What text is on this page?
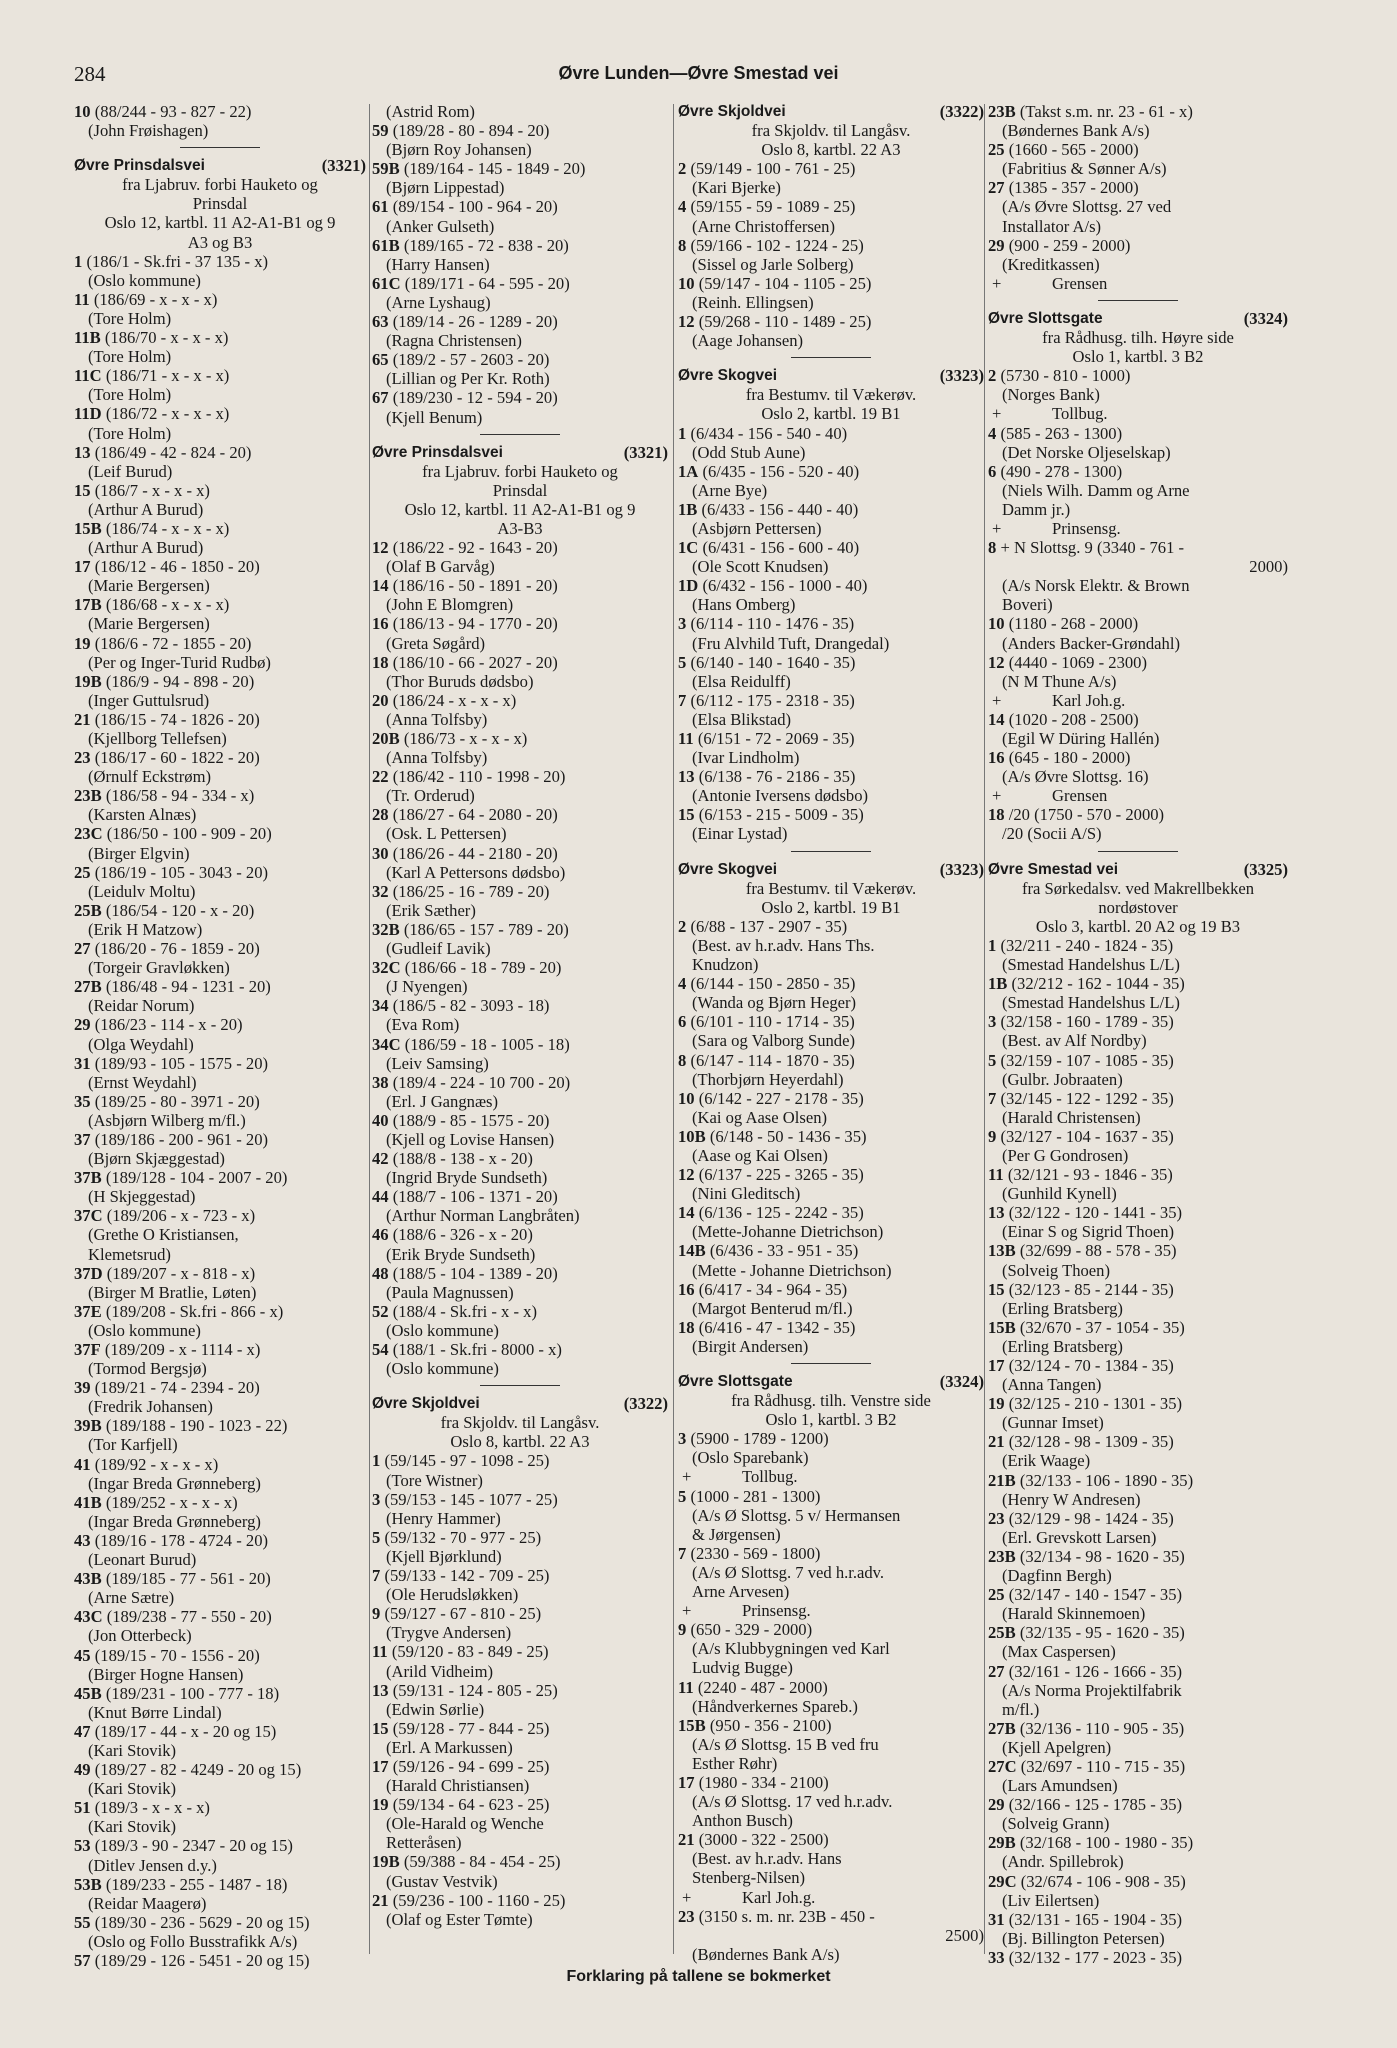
284	Øvre Lunden—Øvre Smestad vei
10 (88/244 - 93 - 827 - 22)
(John Frøishagen)
Øvre Prinsdalsvei	(3321)
fra Ljabruv. forbi Hauketo og
Prinsdal
Oslo 12, kartbl. 11 A2-A1-B1 og 9
A3 og B3
1 (186/1 - Sk.fri - 37 135 - x)
(Oslo kommune)
11 (186/69 - x - x - x)
(Tore Holm)
11B (186/70 - x - x - x)
(Tore Holm)
11C (186/71 - x - x - x)
(Tore Holm)
11D (186/72 - x - x - x)
(Tore Holm)
13 (186/49 - 42 - 824 - 20)
(Leif Burud)
15 (186/7 - x - x - x)
(Arthur A Burud)
15B (186/74 - x - x - x)
(Arthur A Burud)
17 (186/12 - 46 - 1850 - 20)
(Marie Bergersen)
17B (186/68 - x - x - x)
(Marie Bergersen)
19 (186/6 - 72 - 1855 - 20)
(Per og Inger-Turid Rudbø)
19B (186/9 - 94 - 898 - 20)
(Inger Guttulsrud)
21 (186/15 - 74 - 1826 - 20)
(Kjellborg Tellefsen)
23 (186/17 - 60 - 1822 - 20)
(Ørnulf Eckstrøm)
23B (186/58 - 94 - 334 - x)
(Karsten Alnæs)
23C (186/50 - 100 - 909 - 20)
(Birger Elgvin)
25 (186/19 - 105 - 3043 - 20)
(Leidulv Moltu)
25B (186/54 - 120 - x - 20)
(Erik H Matzow)
27 (186/20 - 76 - 1859 - 20)
(Torgeir Gravløkken)
27B (186/48 - 94 - 1231 - 20)
(Reidar Norum)
29 (186/23 - 114 - x - 20)
(Olga Weydahl)
31 (189/93 - 105 - 1575 - 20)
(Ernst Weydahl)
35 (189/25 - 80 - 3971 - 20)
(Asbjørn Wilberg m/fl.)
37 (189/186 - 200 - 961 - 20)
(Bjørn Skjæggestad)
37B (189/128 - 104 - 2007 - 20)
(H Skjeggestad)
37C (189/206 - x - 723 - x)
(Grethe O Kristiansen,
Klemetsrud)
37D (189/207 - x - 818 - x)
(Birger M Bratlie, Løten)
37E (189/208 - Sk.fri - 866 - x)
(Oslo kommune)
37F (189/209 - x - 1114 - x)
(Tormod Bergsjø)
39 (189/21 - 74 - 2394 - 20)
(Fredrik Johansen)
39B (189/188 - 190 - 1023 - 22)
(Tor Karfjell)
41 (189/92 - x - x - x)
(Ingar Breda Grønneberg)
41B (189/252 - x - x - x)
(Ingar Breda Grønneberg)
43 (189/16 - 178 - 4724 - 20)
(Leonart Burud)
43B (189/185 - 77 - 561 - 20)
(Arne Sætre)
43C (189/238 - 77 - 550 - 20)
(Jon Otterbeck)
45 (189/15 - 70 - 1556 - 20)
(Birger Hogne Hansen)
45B (189/231 - 100 - 777 - 18)
(Knut Børre Lindal)
47 (189/17 - 44 - x - 20 og 15)
(Kari Stovik)
49 (189/27 - 82 - 4249 - 20 og 15)
(Kari Stovik)
51 (189/3 - x - x - x)
(Kari Stovik)
53 (189/3 - 90 - 2347 - 20 og 15)
(Ditlev Jensen d.y.)
53B (189/233 - 255 - 1487 - 18)
(Reidar Maagerø)
55 (189/30 - 236 - 5629 - 20 og 15)
(Oslo og Follo Busstrafikk A/s)
57 (189/29 - 126 - 5451 - 20 og 15)
(Astrid Rom)
59 (189/28 - 80 - 894 - 20)
(Bjørn Roy Johansen)
59B (189/164 - 145 - 1849 - 20)
(Bjørn Lippestad)
61 (89/154 - 100 - 964 - 20)
(Anker Gulseth)
61B (189/165 - 72 - 838 - 20)
(Harry Hansen)
61C (189/171 - 64 - 595 - 20)
(Arne Lyshaug)
63 (189/14 - 26 - 1289 - 20)
(Ragna Christensen)
65 (189/2 - 57 - 2603 - 20)
(Lillian og Per Kr. Roth)
67 (189/230 - 12 - 594 - 20)
(Kjell Benum)
Øvre Prinsdalsvei	(3321)
fra Ljabruv. forbi Hauketo og
Prinsdal
Oslo 12, kartbl. 11 A2-A1-B1 og 9
A3-B3
12 (186/22 - 92 - 1643 - 20)
(Olaf B Garvåg)
14 (186/16 - 50 - 1891 - 20)
(John E Blomgren)
16 (186/13 - 94 - 1770 - 20)
(Greta Søgård)
18 (186/10 - 66 - 2027 - 20)
(Thor Buruds dødsbo)
20 (186/24 - x - x - x)
(Anna Tolfsby)
20B (186/73 - x - x - x)
(Anna Tolfsby)
22 (186/42 - 110 - 1998 - 20)
(Tr. Orderud)
28 (186/27 - 64 - 2080 - 20)
(Osk. L Pettersen)
30 (186/26 - 44 - 2180 - 20)
(Karl A Pettersons dødsbo)
32 (186/25 - 16 - 789 - 20)
(Erik Sæther)
32B (186/65 - 157 - 789 - 20)
(Gudleif Lavik)
32C (186/66 - 18 - 789 - 20)
(J Nyengen)
34 (186/5 - 82 - 3093 - 18)
(Eva Rom)
34C (186/59 - 18 - 1005 - 18)
(Leiv Samsing)
38 (189/4 - 224 - 10 700 - 20)
(Erl. J Gangnæs)
40 (188/9 - 85 - 1575 - 20)
(Kjell og Lovise Hansen)
42 (188/8 - 138 - x - 20)
(Ingrid Bryde Sundseth)
44 (188/7 - 106 - 1371 - 20)
(Arthur Norman Langbråten)
46 (188/6 - 326 - x - 20)
(Erik Bryde Sundseth)
48 (188/5 - 104 - 1389 - 20)
(Paula Magnussen)
52 (188/4 - Sk.fri - x - x)
(Oslo kommune)
54 (188/1 - Sk.fri - 8000 - x)
(Oslo kommune)
Øvre Skjoldvei	(3322)
fra Skjoldv. til Langåsv.
Oslo 8, kartbl. 22 A3
1 (59/145 - 97 - 1098 - 25)
(Tore Wistner)
3 (59/153 - 145 - 1077 - 25)
(Henry Hammer)
5 (59/132 - 70 - 977 - 25)
(Kjell Bjørklund)
7 (59/133 - 142 - 709 - 25)
(Ole Herudsløkken)
9 (59/127 - 67 - 810 - 25)
(Trygve Andersen)
11 (59/120 - 83 - 849 - 25)
(Arild Vidheim)
13 (59/131 - 124 - 805 - 25)
(Edwin Sørlie)
15 (59/128 - 77 - 844 - 25)
(Erl. A Markussen)
17 (59/126 - 94 - 699 - 25)
(Harald Christiansen)
19 (59/134 - 64 - 623 - 25)
(Ole-Harald og Wenche
Retteråsen)
19B (59/388 - 84 - 454 - 25)
(Gustav Vestvik)
21 (59/236 - 100 - 1160 - 25)
(Olaf og Ester Tømte)
Øvre Skjoldvei	(3322)
fra Skjoldv. til Langåsv.
Oslo 8, kartbl. 22 A3
2 (59/149 - 100 - 761 - 25)
(Kari Bjerke)
4 (59/155 - 59 - 1089 - 25)
(Arne Christoffersen)
8 (59/166 - 102 - 1224 - 25)
(Sissel og Jarle Solberg)
10 (59/147 - 104 - 1105 - 25)
(Reinh. Ellingsen)
12 (59/268 - 110 - 1489 - 25)
(Aage Johansen)
Øvre Skogvei	(3323)
fra Bestumv. til Vækerøv.
Oslo 2, kartbl. 19 B1
1 (6/434 - 156 - 540 - 40)
(Odd Stub Aune)
1A (6/435 - 156 - 520 - 40)
(Arne Bye)
1B (6/433 - 156 - 440 - 40)
(Asbjørn Pettersen)
1C (6/431 - 156 - 600 - 40)
(Ole Scott Knudsen)
1D (6/432 - 156 - 1000 - 40)
(Hans Omberg)
3 (6/114 - 110 - 1476 - 35)
(Fru Alvhild Tuft, Drangedal)
5 (6/140 - 140 - 1640 - 35)
(Elsa Reidulff)
7 (6/112 - 175 - 2318 - 35)
(Elsa Blikstad)
11 (6/151 - 72 - 2069 - 35)
(Ivar Lindholm)
13 (6/138 - 76 - 2186 - 35)
(Antonie Iversens dødsbo)
15 (6/153 - 215 - 5009 - 35)
(Einar Lystad)
Øvre Skogvei	(3323)
fra Bestumv. til Vækerøv.
Oslo 2, kartbl. 19 B1
2 (6/88 - 137 - 2907 - 35)
(Best. av h.r.adv. Hans Ths.
Knudzon)
4 (6/144 - 150 - 2850 - 35)
(Wanda og Bjørn Heger)
6 (6/101 - 110 - 1714 - 35)
(Sara og Valborg Sunde)
8 (6/147 - 114 - 1870 - 35)
(Thorbjørn Heyerdahl)
10 (6/142 - 227 - 2178 - 35)
(Kai og Aase Olsen)
10B (6/148 - 50 - 1436 - 35)
(Aase og Kai Olsen)
12 (6/137 - 225 - 3265 - 35)
(Nini Gleditsch)
14 (6/136 - 125 - 2242 - 35)
(Mette-Johanne Dietrichson)
14B (6/436 - 33 - 951 - 35)
(Mette - Johanne Dietrichson)
16 (6/417 - 34 - 964 - 35)
(Margot Benterud m/fl.)
18 (6/416 - 47 - 1342 - 35)
(Birgit Andersen)
Øvre Slottsgate	(3324)
fra Rådhusg. tilh. Venstre side
Oslo 1, kartbl. 3 B2
3 (5900 - 1789 - 1200)
(Oslo Sparebank)
+	Tollbug.
5 (1000 - 281 - 1300)
(A/s Ø Slottsg. 5 v/ Hermansen
& Jørgensen)
7 (2330 - 569 - 1800)
(A/s Ø Slottsg. 7 ved h.r.adv.
Arne Arvesen)
+	Prinsensg.
9 (650 - 329 - 2000)
(A/s Klubbygningen ved Karl
Ludvig Bugge)
11 (2240 - 487 - 2000)
(Håndverkernes Spareb.)
15B (950 - 356 - 2100)
(A/s Ø Slottsg. 15 B ved fru
Esther Røhr)
17 (1980 - 334 - 2100)
(A/s Ø Slottsg. 17 ved h.r.adv.
Anthon Busch)
21 (3000 - 322 - 2500)
(Best. av h.r.adv. Hans
Stenberg-Nilsen)
+	Karl Joh.g.
23 (3150 s. m. nr. 23B - 450 -
2500)
(Bøndernes Bank A/s)
23B (Takst s.m. nr. 23 - 61 - x)
(Bøndernes Bank A/s)
25 (1660 - 565 - 2000)
(Fabritius & Sønner A/s)
27 (1385 - 357 - 2000)
(A/s Øvre Slottsg. 27 ved
Installator A/s)
29 (900 - 259 - 2000)
(Kreditkassen)
+	Grensen
Øvre Slottsgate	(3324)
fra Rådhusg. tilh. Høyre side
Oslo 1, kartbl. 3 B2
2 (5730 - 810 - 1000)
(Norges Bank)
+	Tollbug.
4 (585 - 263 - 1300)
(Det Norske Oljeselskap)
6 (490 - 278 - 1300)
(Niels Wilh. Damm og Arne
Damm jr.)
+	Prinsensg.
8 + N Slottsg. 9 (3340 - 761 -
2000)
(A/s Norsk Elektr. & Brown
Boveri)
10 (1180 - 268 - 2000)
(Anders Backer-Grøndahl)
12 (4440 - 1069 - 2300)
(N M Thune A/s)
+	Karl Joh.g.
14 (1020 - 208 - 2500)
(Egil W Düring Hallén)
16 (645 - 180 - 2000)
(A/s Øvre Slottsg. 16)
+	Grensen
18 /20 (1750 - 570 - 2000)
/20 (Socii A/S)
Øvre Smestad vei	(3325)
fra Sørkedalsv. ved Makrellbekken
nordøstover
Oslo 3, kartbl. 20 A2 og 19 B3
1 (32/211 - 240 - 1824 - 35)
(Smestad Handelshus L/L)
1B (32/212 - 162 - 1044 - 35)
(Smestad Handelshus L/L)
3 (32/158 - 160 - 1789 - 35)
(Best. av Alf Nordby)
5 (32/159 - 107 - 1085 - 35)
(Gulbr. Jobraaten)
7 (32/145 - 122 - 1292 - 35)
(Harald Christensen)
9 (32/127 - 104 - 1637 - 35)
(Per G Gondrosen)
11 (32/121 - 93 - 1846 - 35)
(Gunhild Kynell)
13 (32/122 - 120 - 1441 - 35)
(Einar S og Sigrid Thoen)
13B (32/699 - 88 - 578 - 35)
(Solveig Thoen)
15 (32/123 - 85 - 2144 - 35)
(Erling Bratsberg)
15B (32/670 - 37 - 1054 - 35)
(Erling Bratsberg)
17 (32/124 - 70 - 1384 - 35)
(Anna Tangen)
19 (32/125 - 210 - 1301 - 35)
(Gunnar Imset)
21 (32/128 - 98 - 1309 - 35)
(Erik Waage)
21B (32/133 - 106 - 1890 - 35)
(Henry W Andresen)
23 (32/129 - 98 - 1424 - 35)
(Erl. Grevskott Larsen)
23B (32/134 - 98 - 1620 - 35)
(Dagfinn Bergh)
25 (32/147 - 140 - 1547 - 35)
(Harald Skinnemoen)
25B (32/135 - 95 - 1620 - 35)
(Max Caspersen)
27 (32/161 - 126 - 1666 - 35)
(A/s Norma Projektilfabrik
m/fl.)
27B (32/136 - 110 - 905 - 35)
(Kjell Apelgren)
27C (32/697 - 110 - 715 - 35)
(Lars Amundsen)
29 (32/166 - 125 - 1785 - 35)
(Solveig Grann)
29B (32/168 - 100 - 1980 - 35)
(Andr. Spillebrok)
29C (32/674 - 106 - 908 - 35)
(Liv Eilertsen)
31 (32/131 - 165 - 1904 - 35)
(Bj. Billington Petersen)
33 (32/132 - 177 - 2023 - 35)
Forklaring på tallene se bokmerket
